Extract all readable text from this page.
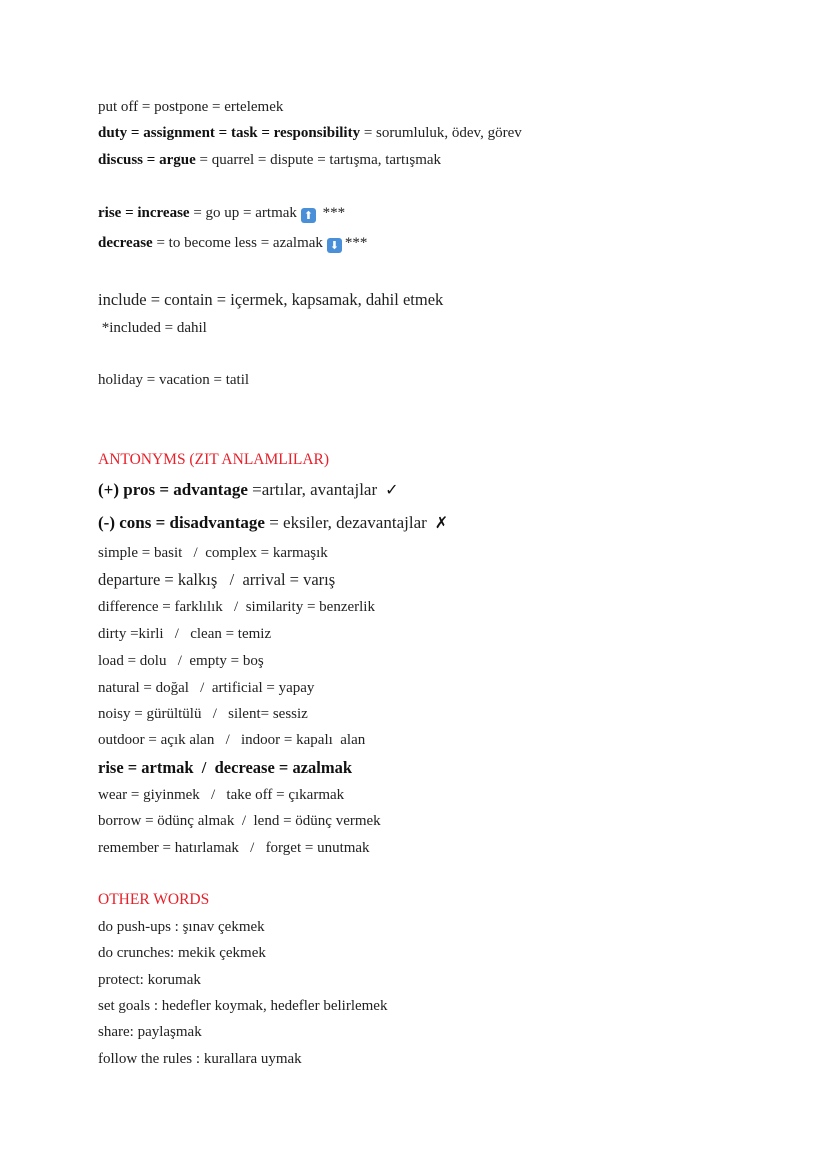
put off = postpone = ertelemek
duty = assignment = task = responsibility = sorumluluk, ödev, görev
discuss = argue = quarrel = dispute = tartışma, tartışmak
rise = increase = go up = artmak ⬆ ***
decrease = to become less = azalmak ⬇ ***
include = contain = içermek, kapsamak, dahil etmek
*included = dahil
holiday = vacation = tatil
ANTONYMS (ZIT ANLAMLILAR)
(+) pros = advantage =artılar, avantajlar ✓
(-) cons = disadvantage = eksiler, dezavantajlar ✗
simple = basit   /  complex = karmaşık
departure = kalkış   /  arrival = varış
difference = farklılık   /  similarity = benzerlik
dirty =kirli   /   clean = temiz
load = dolu   /  empty = boş
natural = doğal   /  artificial = yapay
noisy = gürültülü   /   silent= sessiz
outdoor = açık alan   /   indoor = kapalı  alan
rise = artmak  /  decrease = azalmak
wear = giyinmek   /   take off = çıkarmak
borrow = ödünç almak  /  lend = ödünç vermek
remember = hatırlamak   /   forget = unutmak
OTHER WORDS
do push-ups : şınav çekmek
do crunches: mekik çekmek
protect: korumak
set goals : hedefler koymak, hedefler belirlemek
share: paylaşmak
follow the rules : kurallara uymak
